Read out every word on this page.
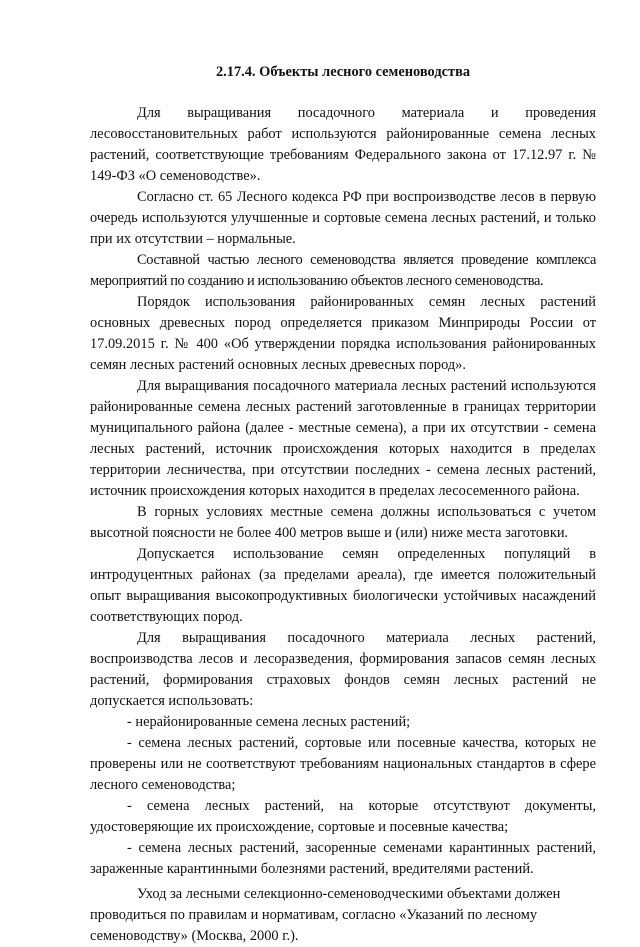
2.17.4. Объекты лесного семеноводства

Для выращивания посадочного материала и проведения лесовосстановительных работ используются районированные семена лесных растений, соответствующие требованиям Федерального закона от 17.12.97 г. № 149-ФЗ «О семеноводстве».

Согласно ст. 65 Лесного кодекса РФ при воспроизводстве лесов в первую очередь используются улучшенные и сортовые семена лесных растений, и только при их отсутствии – нормальные.

Составной частью лесного семеноводства является проведение комплекса мероприятий по созданию и использованию объектов лесного семеноводства.

Порядок использования районированных семян лесных растений основных древесных пород определяется приказом Минприроды России от 17.09.2015 г. № 400 «Об утверждении порядка использования районированных семян лесных растений основных лесных древесных пород».

Для выращивания посадочного материала лесных растений используются районированные семена лесных растений заготовленные в границах территории муниципального района (далее - местные семена), а при их отсутствии - семена лесных растений, источник происхождения которых находится в пределах территории лесничества, при отсутствии последних - семена лесных растений, источник происхождения которых находится в пределах лесосеменного района.

В горных условиях местные семена должны использоваться с учетом высотной поясности не более 400 метров выше и (или) ниже места заготовки.

Допускается использование семян определенных популяций в интродуцентных районах (за пределами ареала), где имеется положительный опыт выращивания высокопродуктивных биологически устойчивых насаждений соответствующих пород.

Для выращивания посадочного материала лесных растений, воспроизводства лесов и лесоразведения, формирования запасов семян лесных растений, формирования страховых фондов семян лесных растений не допускается использовать:

- нерайонированные семена лесных растений;

- семена лесных растений, сортовые или посевные качества, которых не проверены или не соответствуют требованиям национальных стандартов в сфере лесного семеноводства;

- семена лесных растений, на которые отсутствуют документы, удостоверяющие их происхождение, сортовые и посевные качества;

- семена лесных растений, засоренные семенами карантинных растений, зараженные карантинными болезнями растений, вредителями растений.

Уход за лесными селекционно-семеноводческими объектами должен проводиться по правилам и нормативам, согласно «Указаний по лесному семеноводству» (Москва, 2000 г.).
